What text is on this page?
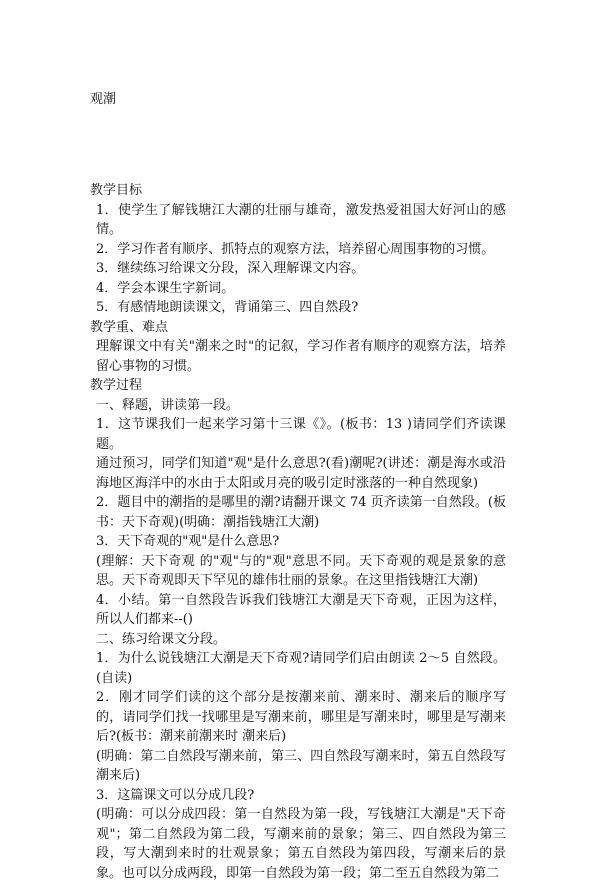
观潮

教学目标

1．使学生了解钱塘江大潮的壮丽与雄奇，激发热爱祖国大好河山的感情。

2．学习作者有顺序、抓特点的观察方法，培养留心周围事物的习惯。

3．继续练习给课文分段，深入理解课文内容。

4．学会本课生字新词。

5．有感情地朗读课文，背诵第三、四自然段?

教学重、难点

理解课文中有关"潮来之时"的记叙，学习作者有顺序的观察方法，培养留心事物的习惯。

教学过程

一、释题，讲读第一段。

1．这节课我们一起来学习第十三课《》。(板书：13 )请同学们齐读课题。

通过预习，同学们知道"观"是什么意思?(看)潮呢?(讲述：潮是海水或沿海地区海洋中的水由于太阳或月亮的吸引定时涨落的一种自然现象)

2．题目中的潮指的是哪里的潮?请翻开课文 74 页齐读第一自然段。(板书：天下奇观)(明确：潮指钱塘江大潮)

3．天下奇观的"观"是什么意思?

(理解：天下奇观 的"观"与的"观"意思不同。天下奇观的观是景象的意思。天下奇观即天下罕见的雄伟壮丽的景象。在这里指钱塘江大潮)

4．小结。第一自然段告诉我们钱塘江大潮是天下奇观，正因为这样，所以人们都来--()

二、练习给课文分段。

1．为什么说钱塘江大潮是天下奇观?请同学们启由朗读 2～5 自然段。(自读)

2．刚才同学们读的这个部分是按潮来前、潮来时、潮来后的顺序写的，请同学们找一找哪里是写潮来前，哪里是写潮来时，哪里是写潮来后?(板书：潮来前潮来时 潮来后)

(明确：第二自然段写潮来前，第三、四自然段写潮来时，第五自然段写潮来后)

3．这篇课文可以分成几段?

(明确：可以分成四段：第一自然段为第一段，写钱塘江大潮是"天下奇观"；第二自然段为第二段，写潮来前的景象；第三、四自然段为第三段，写大潮到来时的壮观景象；第五自然段为第四段，写潮来后的景象。也可以分成两段，即第一自然段为第一段；第二至五自然段为第二
